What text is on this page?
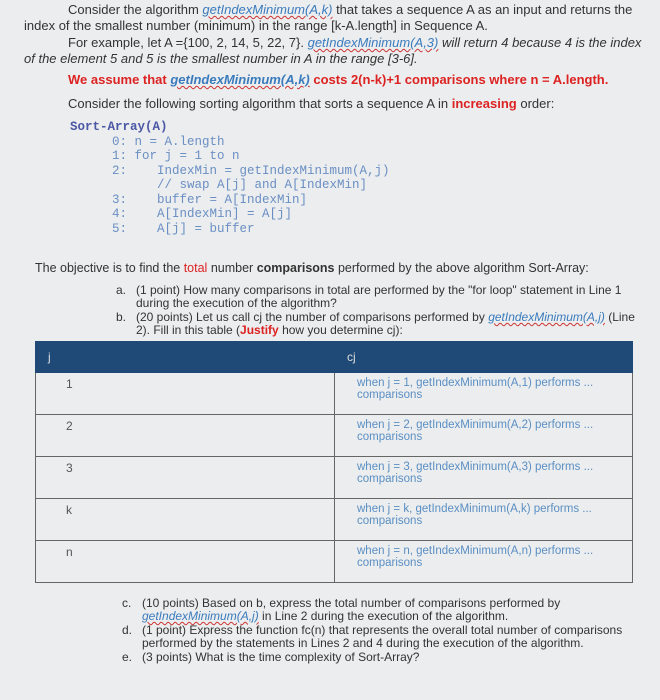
Consider the algorithm getIndexMinimum(A,k) that takes a sequence A as an input and returns the index of the smallest number (minimum) in the range [k-A.length] in Sequence A.

For example, let A ={100, 2, 14, 5, 22, 7}. getIndexMinimum(A,3) will return 4 because 4 is the index of the element 5 and 5 is the smallest number in A in the range [3-6].

We assume that getIndexMinimum(A,k) costs 2(n-k)+1 comparisons where n = A.length.

Consider the following sorting algorithm that sorts a sequence A in increasing order:

Sort-Array(A)
0: n = A.length
1: for j = 1 to n
2:    IndexMin = getIndexMinimum(A,j)
// swap A[j] and A[IndexMin]
3:    buffer = A[IndexMin]
4:    A[IndexMin] = A[j]
5:    A[j] = buffer

The objective is to find the total number comparisons performed by the above algorithm Sort-Array:

a. (1 point) How many comparisons in total are performed by the "for loop" statement in Line 1 during the execution of the algorithm?
b. (20 points) Let us call cj the number of comparisons performed by getIndexMinimum(A,j) (Line 2). Fill in this table (Justify how you determine cj):
j	cj
1	when j = 1, getIndexMinimum(A,1) performs ...
comparisons

2	when j = 2, getIndexMinimum(A,2) performs ...
comparisons

3	when j = 3, getIndexMinimum(A,3) performs ...
comparisons

k	when j = k, getIndexMinimum(A,k) performs ...
comparisons

n	when j = n, getIndexMinimum(A,n) performs ...
comparisons
c. (10 points) Based on b, express the total number of comparisons performed by getIndexMinimum(A,j) in Line 2 during the execution of the algorithm.
d. (1 point) Express the function fc(n) that represents the overall total number of comparisons performed by the statements in Lines 2 and 4 during the execution of the algorithm.
e. (3 points) What is the time complexity of Sort-Array?
